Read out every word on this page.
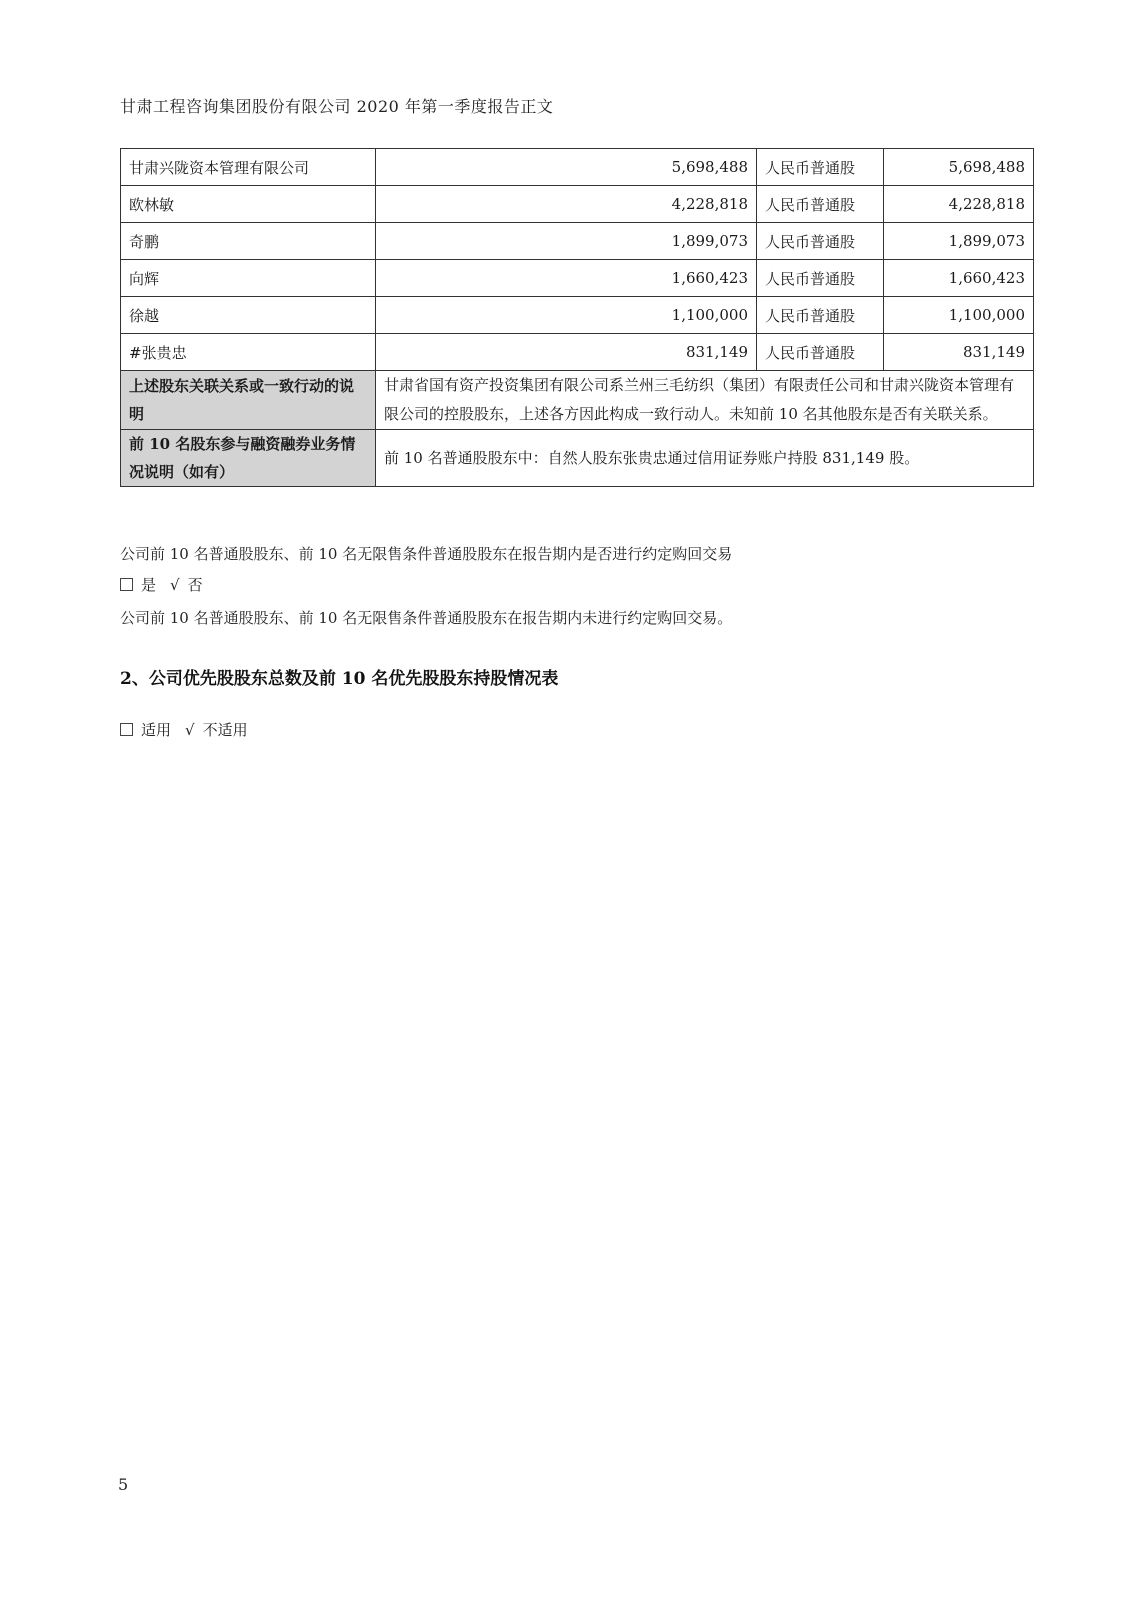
甘肃工程咨询集团股份有限公司 2020 年第一季度报告正文
甘肃兴陇资本管理有限公司	5,698,488	人民币普通股	5,698,488
欧林敏	4,228,818	人民币普通股	4,228,818
奇鹏	1,899,073	人民币普通股	1,899,073
向辉	1,660,423	人民币普通股	1,660,423
徐越	1,100,000	人民币普通股	1,100,000
#张贵忠	831,149	人民币普通股	831,149
上述股东关联关系或一致行动的说明	甘肃省国有资产投资集团有限公司系兰州三毛纺织（集团）有限责任公司和甘肃兴陇资本管理有限公司的控股股东，上述各方因此构成一致行动人。未知前 10 名其他股东是否有关联关系。		
前 10 名股东参与融资融券业务情况说明（如有）	前 10 名普通股股东中：自然人股东张贵忠通过信用证券账户持股 831,149 股。		
公司前 10 名普通股股东、前 10 名无限售条件普通股股东在报告期内是否进行约定购回交易
是 √ 否
公司前 10 名普通股股东、前 10 名无限售条件普通股股东在报告期内未进行约定购回交易。
2、公司优先股股东总数及前 10 名优先股股东持股情况表
适用 √ 不适用
5
